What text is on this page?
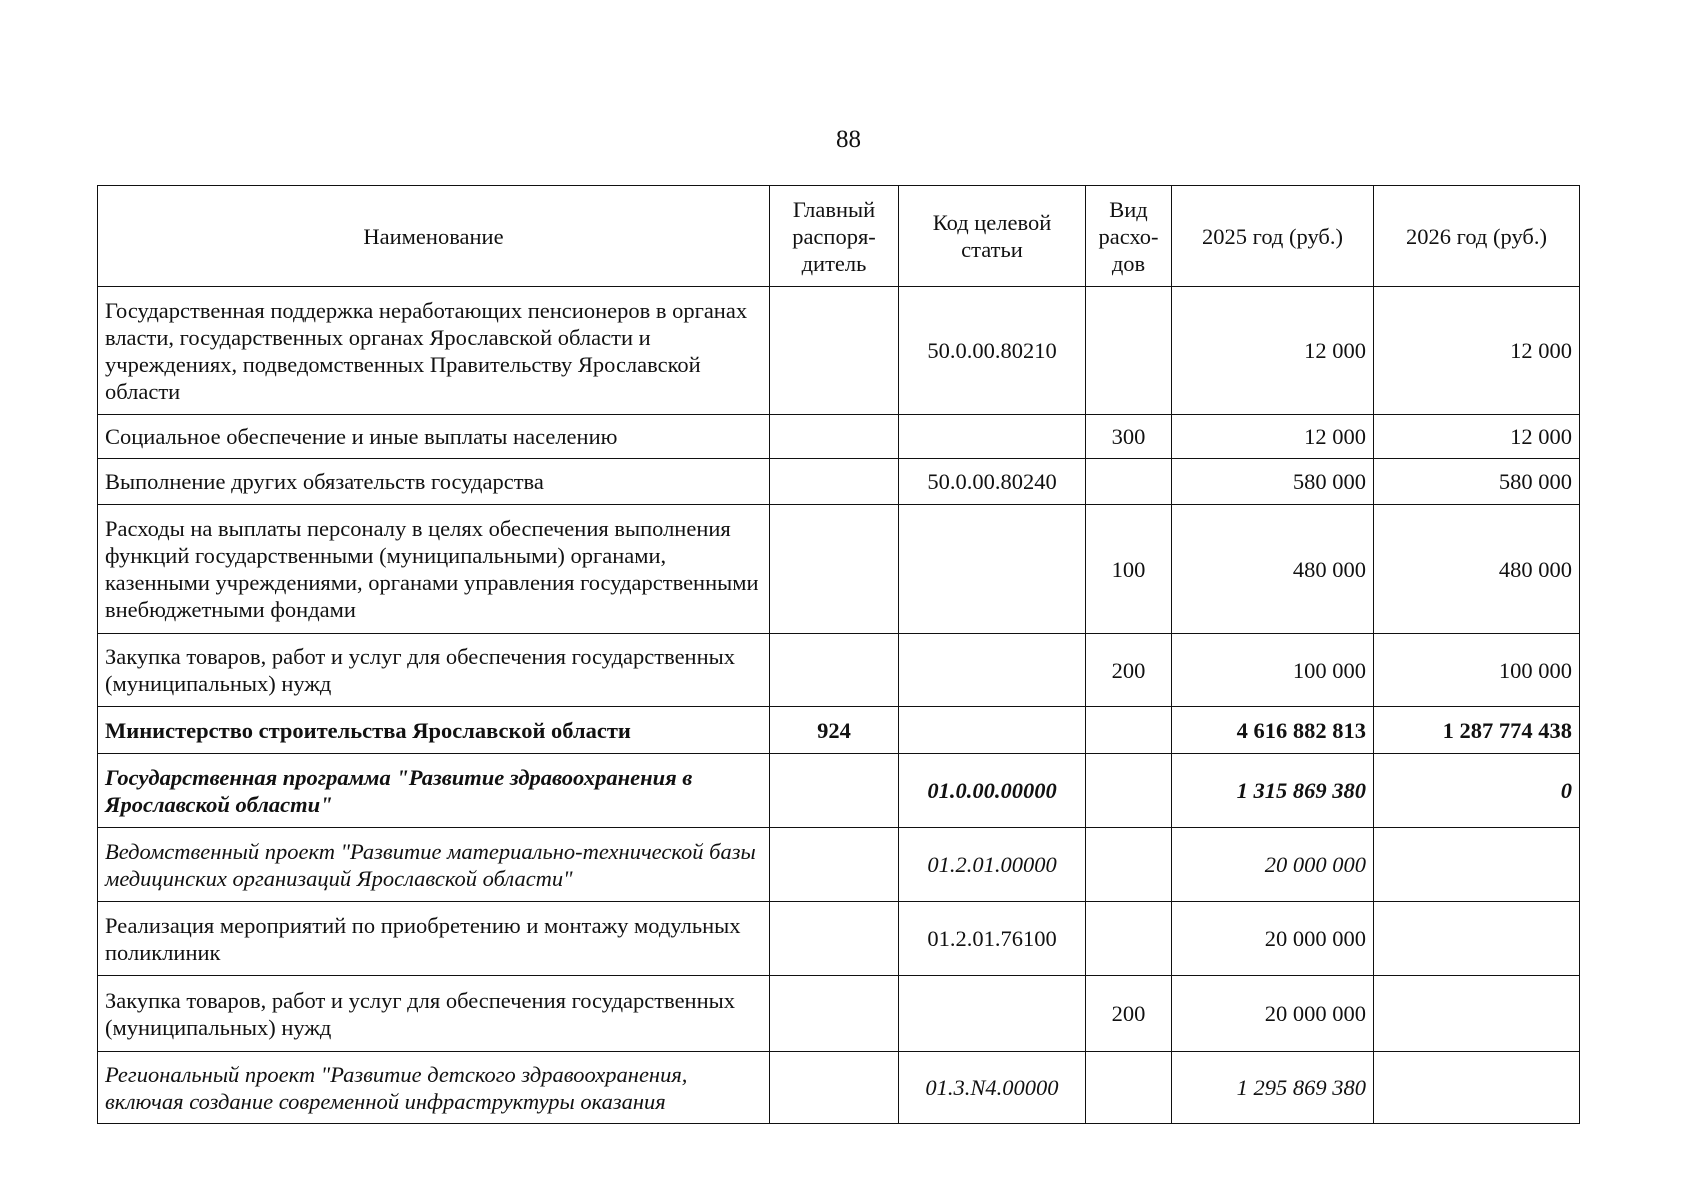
88
Наименование	Главный распоря-дитель	Код целевой статьи	Вид расхо-дов	2025 год (руб.)	2026 год (руб.)
Государственная поддержка неработающих пенсионеров в органах власти, государственных органах Ярославской области и учреждениях, подведомственных Правительству Ярославской области		50.0.00.80210		12 000	12 000
Социальное обеспечение и иные выплаты населению			300	12 000	12 000
Выполнение других обязательств государства		50.0.00.80240		580 000	580 000
Расходы на выплаты персоналу в целях обеспечения выполнения функций государственными (муниципальными) органами, казенными учреждениями, органами управления государственными внебюджетными фондами			100	480 000	480 000
Закупка товаров, работ и услуг для обеспечения государственных (муниципальных) нужд			200	100 000	100 000
Министерство строительства Ярославской области	924			4 616 882 813	1 287 774 438
Государственная программа "Развитие здравоохранения в Ярославской области"		01.0.00.00000		1 315 869 380	0
Ведомственный проект "Развитие материально-технической базы медицинских организаций Ярославской области"		01.2.01.00000		20 000 000	
Реализация мероприятий по приобретению и монтажу модульных поликлиник		01.2.01.76100		20 000 000	
Закупка товаров, работ и услуг для обеспечения государственных (муниципальных) нужд			200	20 000 000	
Региональный проект "Развитие детского здравоохранения, включая создание современной инфраструктуры оказания		01.3.N4.00000		1 295 869 380	
